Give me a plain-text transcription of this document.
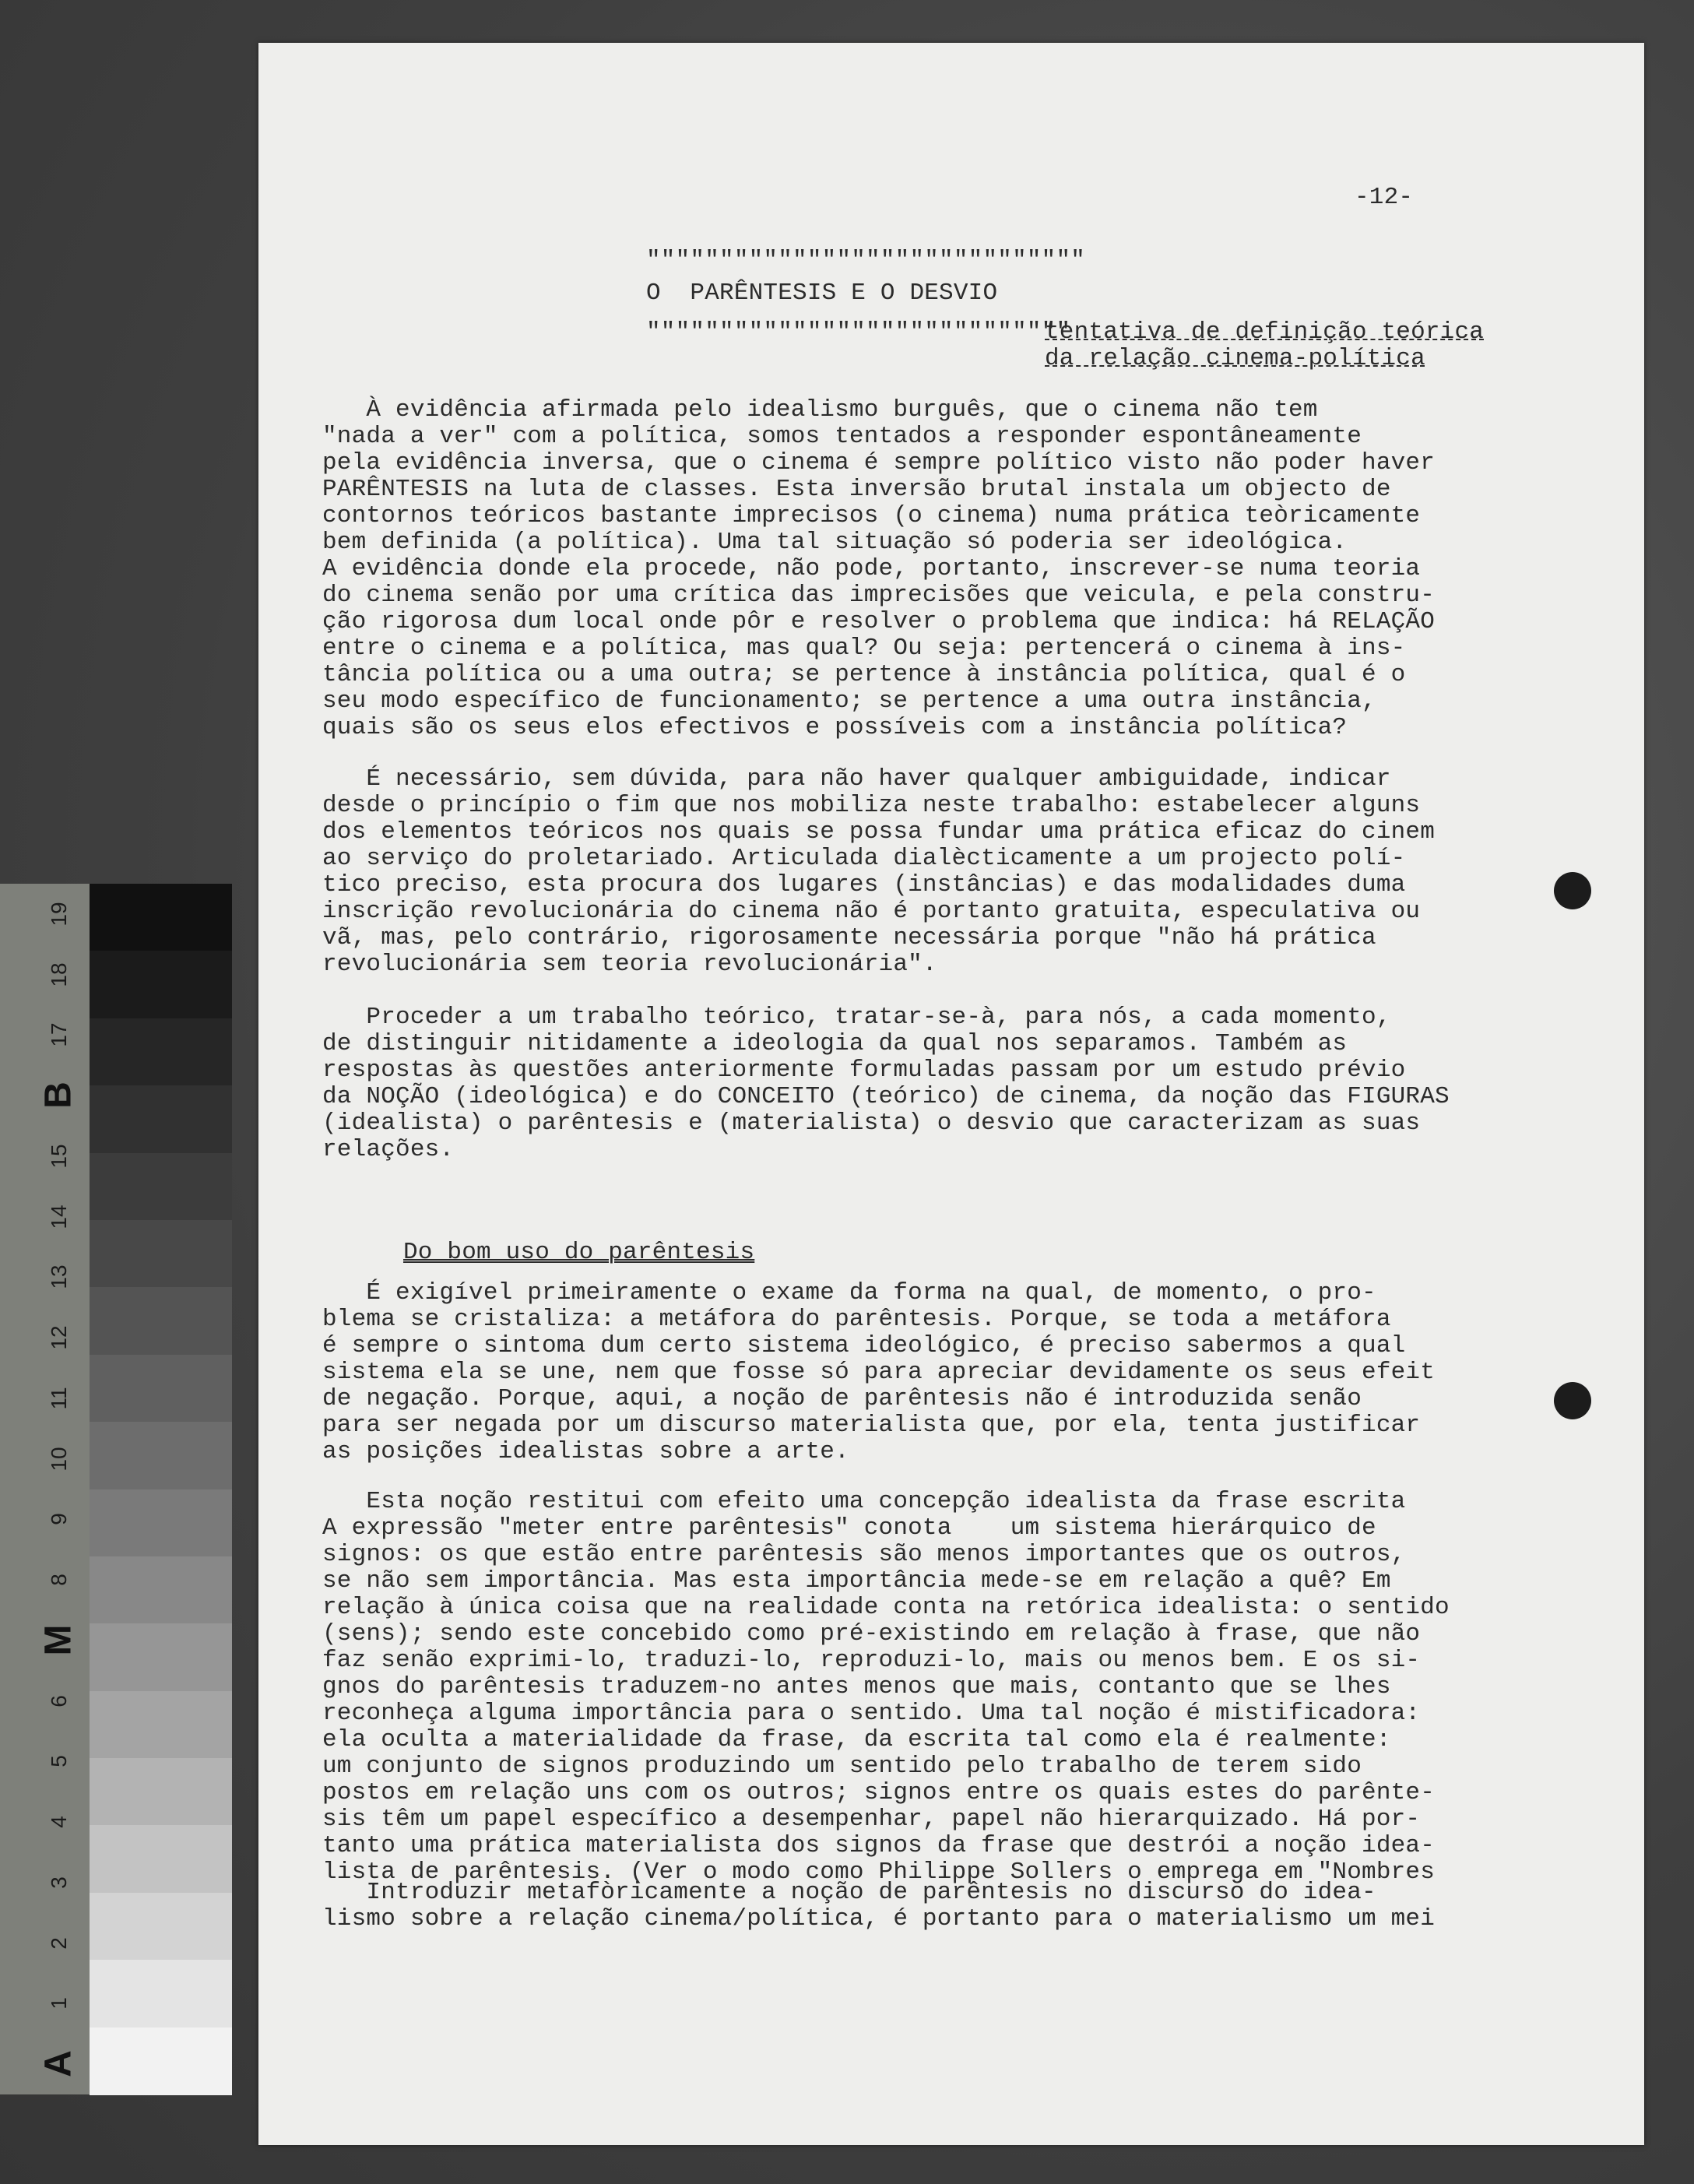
A
1
2
3
4
5
6
M
8
9
10
11
12
13
14
15
B
17
18
19

-12-

""""""""""""""""""""""""""""""

O  PARÊNTESIS E O DESVIO

"""""""""""""""""""""""""""""

tentativa de definição teórica

da relação cinema-política

À evidência afirmada pelo idealismo burguês, que o cinema não tem
"nada a ver" com a política, somos tentados a responder espontâneamente
pela evidência inversa, que o cinema é sempre político visto não poder haver
PARÊNTESIS na luta de classes. Esta inversão brutal instala um objecto de
contornos teóricos bastante imprecisos (o cinema) numa prática teòricamente
bem definida (a política). Uma tal situação só poderia ser ideológica.
A evidência donde ela procede, não pode, portanto, inscrever-se numa teoria
do cinema senão por uma crítica das imprecisões que veicula, e pela constru-
ção rigorosa dum local onde pôr e resolver o problema que indica: há RELAÇÃO
entre o cinema e a política, mas qual? Ou seja: pertencerá o cinema à ins-
tância política ou a uma outra; se pertence à instância política, qual é o
seu modo específico de funcionamento; se pertence a uma outra instância,
quais são os seus elos efectivos e possíveis com a instância política?

É necessário, sem dúvida, para não haver qualquer ambiguidade, indicar
desde o princípio o fim que nos mobiliza neste trabalho: estabelecer alguns
dos elementos teóricos nos quais se possa fundar uma prática eficaz do cinem
ao serviço do proletariado. Articulada dialècticamente a um projecto polí-
tico preciso, esta procura dos lugares (instâncias) e das modalidades duma
inscrição revolucionária do cinema não é portanto gratuita, especulativa ou
vã, mas, pelo contrário, rigorosamente necessária porque "não há prática
revolucionária sem teoria revolucionária".

Proceder a um trabalho teórico, tratar-se-à, para nós, a cada momento,
de distinguir nitidamente a ideologia da qual nos separamos. Também as
respostas às questões anteriormente formuladas passam por um estudo prévio
da NOÇÃO (ideológica) e do CONCEITO (teórico) de cinema, da noção das FIGURAS
(idealista) o parêntesis e (materialista) o desvio que caracterizam as suas
relações.

Do bom uso do parêntesis

É exigível primeiramente o exame da forma na qual, de momento, o pro-
blema se cristaliza: a metáfora do parêntesis. Porque, se toda a metáfora
é sempre o sintoma dum certo sistema ideológico, é preciso sabermos a qual
sistema ela se une, nem que fosse só para apreciar devidamente os seus efeit
de negação. Porque, aqui, a noção de parêntesis não é introduzida senão
para ser negada por um discurso materialista que, por ela, tenta justificar
as posições idealistas sobre a arte.

Esta noção restitui com efeito uma concepção idealista da frase escrita
A expressão "meter entre parêntesis" conota    um sistema hierárquico de
signos: os que estão entre parêntesis são menos importantes que os outros,
se não sem importância. Mas esta importância mede-se em relação a quê? Em
relação à única coisa que na realidade conta na retórica idealista: o sentido
(sens); sendo este concebido como pré-existindo em relação à frase, que não
faz senão exprimi-lo, traduzi-lo, reproduzi-lo, mais ou menos bem. E os si-
gnos do parêntesis traduzem-no antes menos que mais, contanto que se lhes
reconheça alguma importância para o sentido. Uma tal noção é mistificadora:
ela oculta a materialidade da frase, da escrita tal como ela é realmente:
um conjunto de signos produzindo um sentido pelo trabalho de terem sido
postos em relação uns com os outros; signos entre os quais estes do parênte-
sis têm um papel específico a desempenhar, papel não hierarquizado. Há por-
tanto uma prática materialista dos signos da frase que destrói a noção idea-
lista de parêntesis. (Ver o modo como Philippe Sollers o emprega em "Nombres

Introduzir metafòricamente a noção de parêntesis no discurso do idea-
lismo sobre a relação cinema/política, é portanto para o materialismo um mei
